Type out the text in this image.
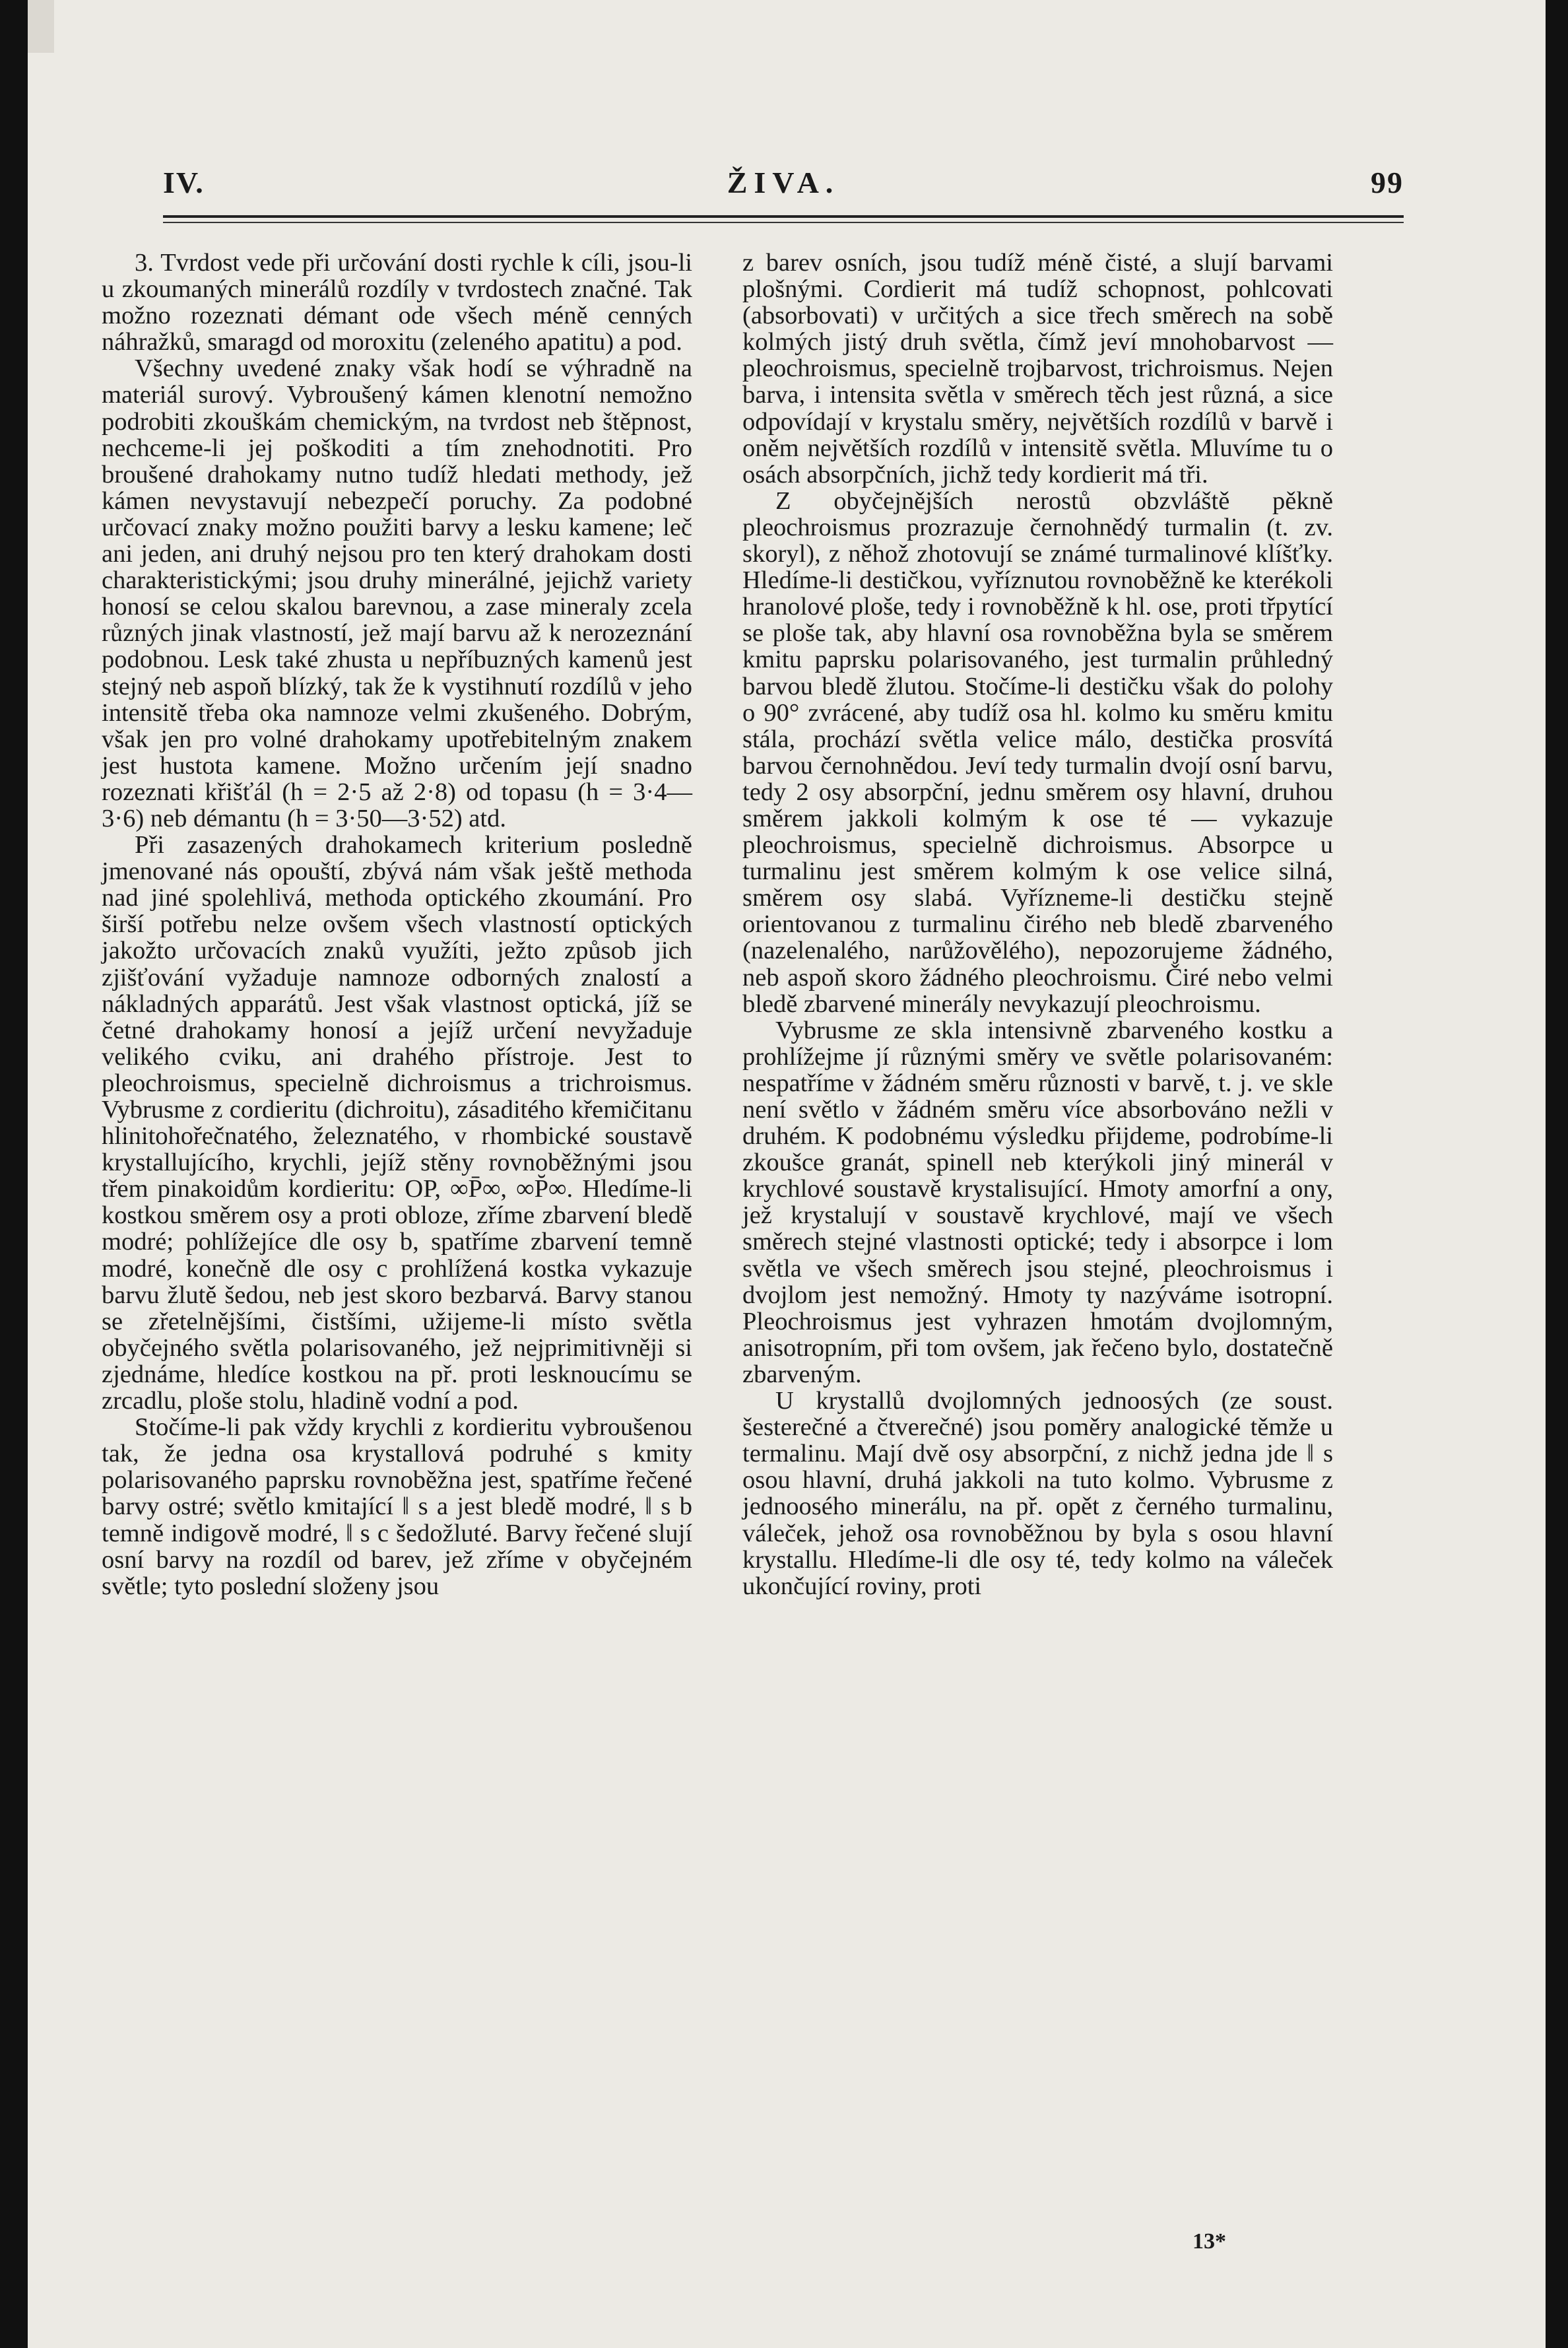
IV.	ŽIVA.	99

3. Tvrdost vede při určování dosti rychle k cíli, jsou-li u zkoumaných minerálů rozdíly v tvrdostech značné. Tak možno rozeznati démant ode všech méně cenných náhražků, smaragd od moroxitu (zeleného apatitu) a pod.

Všechny uvedené znaky však hodí se výhradně na materiál surový. Vybroušený kámen klenotní nemožno podrobiti zkouškám chemickým, na tvrdost neb štěpnost, nechceme-li jej poškoditi a tím znehodnotiti. Pro broušené drahokamy nutno tudíž hledati methody, jež kámen nevystavují nebezpečí poruchy. Za podobné určovací znaky možno použiti barvy a lesku kamene; leč ani jeden, ani druhý nejsou pro ten který drahokam dosti charakteristickými; jsou druhy minerálné, jejichž variety honosí se celou skalou barevnou, a zase mineraly zcela různých jinak vlastností, jež mají barvu až k nerozeznání podobnou. Lesk také zhusta u nepříbuzných kamenů jest stejný neb aspoň blízký, tak že k vystihnutí rozdílů v jeho intensitě třeba oka namnoze velmi zkušeného. Dobrým, však jen pro volné drahokamy upotřebitelným znakem jest hustota kamene. Možno určením její snadno rozeznati křišťál (h = 2·5 až 2·8) od topasu (h = 3·4—3·6) neb démantu (h = 3·50—3·52) atd.

Při zasazených drahokamech kriterium posledně jmenované nás opouští, zbývá nám však ještě methoda nad jiné spolehlivá, methoda optického zkoumání. Pro širší potřebu nelze ovšem všech vlastností optických jakožto určovacích znaků využíti, ježto způsob jich zjišťování vyžaduje namnoze odborných znalostí a nákladných apparátů. Jest však vlastnost optická, jíž se četné drahokamy honosí a jejíž určení nevyžaduje velikého cviku, ani drahého přístroje. Jest to pleochroismus, specielně dichroismus a trichroismus. Vybrusme z cordieritu (dichroitu), zásaditého křemičitanu hlinitohořečnatého, železnatého, v rhombické soustavě krystallujícího, krychli, jejíž stěny rovnoběžnými jsou třem pinakoidům kordieritu: OP, ∞P̄∞, ∞P̆∞. Hledíme-li kostkou směrem osy a proti obloze, zříme zbarvení bledě modré; pohlížejíce dle osy b, spatříme zbarvení temně modré, konečně dle osy c prohlížená kostka vykazuje barvu žlutě šedou, neb jest skoro bezbarvá. Barvy stanou se zřetelnějšími, čistšími, užijeme-li místo světla obyčejného světla polarisovaného, jež nejprimitivněji si zjednáme, hledíce kostkou na př. proti lesknoucímu se zrcadlu, ploše stolu, hladině vodní a pod.

Stočíme-li pak vždy krychli z kordieritu vybroušenou tak, že jedna osa krystallová podruhé s kmity polarisovaného paprsku rovnoběžna jest, spatříme řečené barvy ostré; světlo kmitající ‖ s a jest bledě modré, ‖ s b temně indigově modré, ‖ s c šedožluté. Barvy řečené slují osní barvy na rozdíl od barev, jež zříme v obyčejném světle; tyto poslední složeny jsou

z barev osních, jsou tudíž méně čisté, a slují barvami plošnými. Cordierit má tudíž schopnost, pohlcovati (absorbovati) v určitých a sice třech směrech na sobě kolmých jistý druh světla, čímž jeví mnohobarvost — pleochroismus, specielně trojbarvost, trichroismus. Nejen barva, i intensita světla v směrech těch jest různá, a sice odpovídají v krystalu směry, největších rozdílů v barvě i oněm největších rozdílů v intensitě světla. Mluvíme tu o osách absorpčních, jichž tedy kordierit má tři.

Z obyčejnějších nerostů obzvláště pěkně pleochroismus prozrazuje černohnědý turmalin (t. zv. skoryl), z něhož zhotovují se známé turmalinové klíšťky. Hledíme-li destičkou, vyříznutou rovnoběžně ke kterékoli hranolové ploše, tedy i rovnoběžně k hl. ose, proti třpytící se ploše tak, aby hlavní osa rovnoběžna byla se směrem kmitu paprsku polarisovaného, jest turmalin průhledný barvou bledě žlutou. Stočíme-li destičku však do polohy o 90° zvrácené, aby tudíž osa hl. kolmo ku směru kmitu stála, prochází světla velice málo, destička prosvítá barvou černohnědou. Jeví tedy turmalin dvojí osní barvu, tedy 2 osy absorpční, jednu směrem osy hlavní, druhou směrem jakkoli kolmým k ose té — vykazuje pleochroismus, specielně dichroismus. Absorpce u turmalinu jest směrem kolmým k ose velice silná, směrem osy slabá. Vyřízneme-li destičku stejně orientovanou z turmalinu čirého neb bledě zbarveného (nazelenalého, narůžovělého), nepozorujeme žádného, neb aspoň skoro žádného pleochroismu. Čiré nebo velmi bledě zbarvené minerály nevykazují pleochroismu.

Vybrusme ze skla intensivně zbarveného kostku a prohlížejme jí různými směry ve světle polarisovaném: nespatříme v žádném směru různosti v barvě, t. j. ve skle není světlo v žádném směru více absorbováno nežli v druhém. K podobnému výsledku přijdeme, podrobíme-li zkoušce granát, spinell neb kterýkoli jiný minerál v krychlové soustavě krystalisující. Hmoty amorfní a ony, jež krystalují v soustavě krychlové, mají ve všech směrech stejné vlastnosti optické; tedy i absorpce i lom světla ve všech směrech jsou stejné, pleochroismus i dvojlom jest nemožný. Hmoty ty nazýváme isotropní. Pleochroismus jest vyhrazen hmotám dvojlomným, anisotropním, při tom ovšem, jak řečeno bylo, dostatečně zbarveným.

U krystallů dvojlomných jednoosých (ze soust. šesterečné a čtverečné) jsou poměry analogické těmže u termalinu. Mají dvě osy absorpční, z nichž jedna jde ‖ s osou hlavní, druhá jakkoli na tuto kolmo. Vybrusme z jednoosého minerálu, na př. opět z černého turmalinu, váleček, jehož osa rovnoběžnou by byla s osou hlavní krystallu. Hledíme-li dle osy té, tedy kolmo na váleček ukončující roviny, proti

13*
